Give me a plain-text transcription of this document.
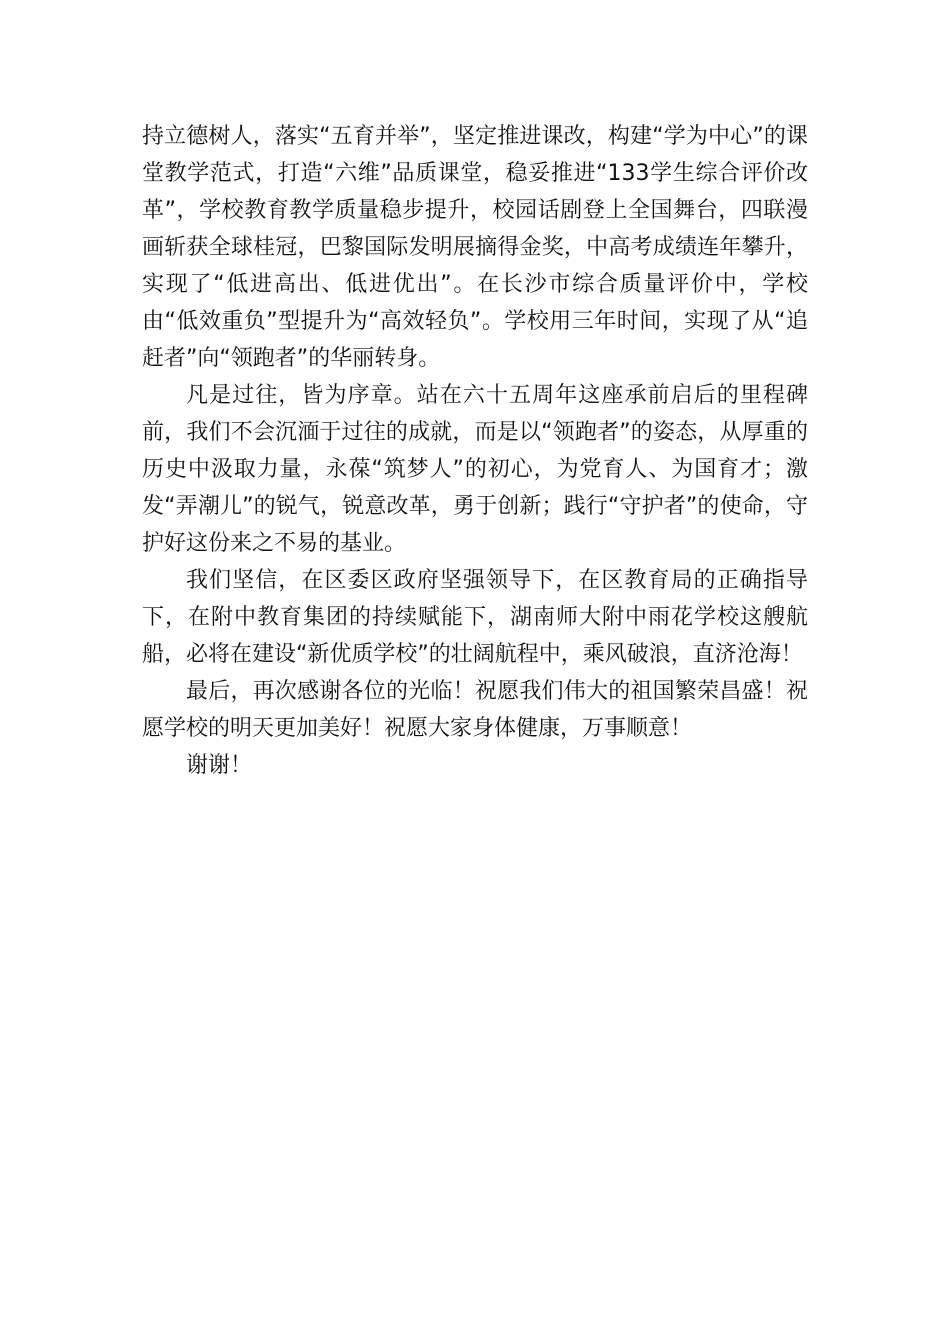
持立德树人，落实“五育并举”，坚定推进课改，构建“学为中心”的课堂教学范式，打造“六维”品质课堂，稳妥推进“133学生综合评价改革”，学校教育教学质量稳步提升，校园话剧登上全国舞台，四联漫画斩获全球桂冠，巴黎国际发明展摘得金奖，中高考成绩连年攀升，实现了“低进高出、低进优出”。在长沙市综合质量评价中，学校由“低效重负”型提升为“高效轻负”。学校用三年时间，实现了从“追赶者”向“领跑者”的华丽转身。

凡是过往，皆为序章。站在六十五周年这座承前启后的里程碑前，我们不会沉湎于过往的成就，而是以“领跑者”的姿态，从厚重的历史中汲取力量，永葆“筑梦人”的初心，为党育人、为国育才；激发“弄潮儿”的锐气，锐意改革，勇于创新；践行“守护者”的使命，守护好这份来之不易的基业。

我们坚信，在区委区政府坚强领导下，在区教育局的正确指导下，在附中教育集团的持续赋能下，湖南师大附中雨花学校这艘航船，必将在建设“新优质学校”的壮阔航程中，乘风破浪，直济沧海！

最后，再次感谢各位的光临！祝愿我们伟大的祖国繁荣昌盛！祝愿学校的明天更加美好！祝愿大家身体健康，万事顺意！

谢谢！
